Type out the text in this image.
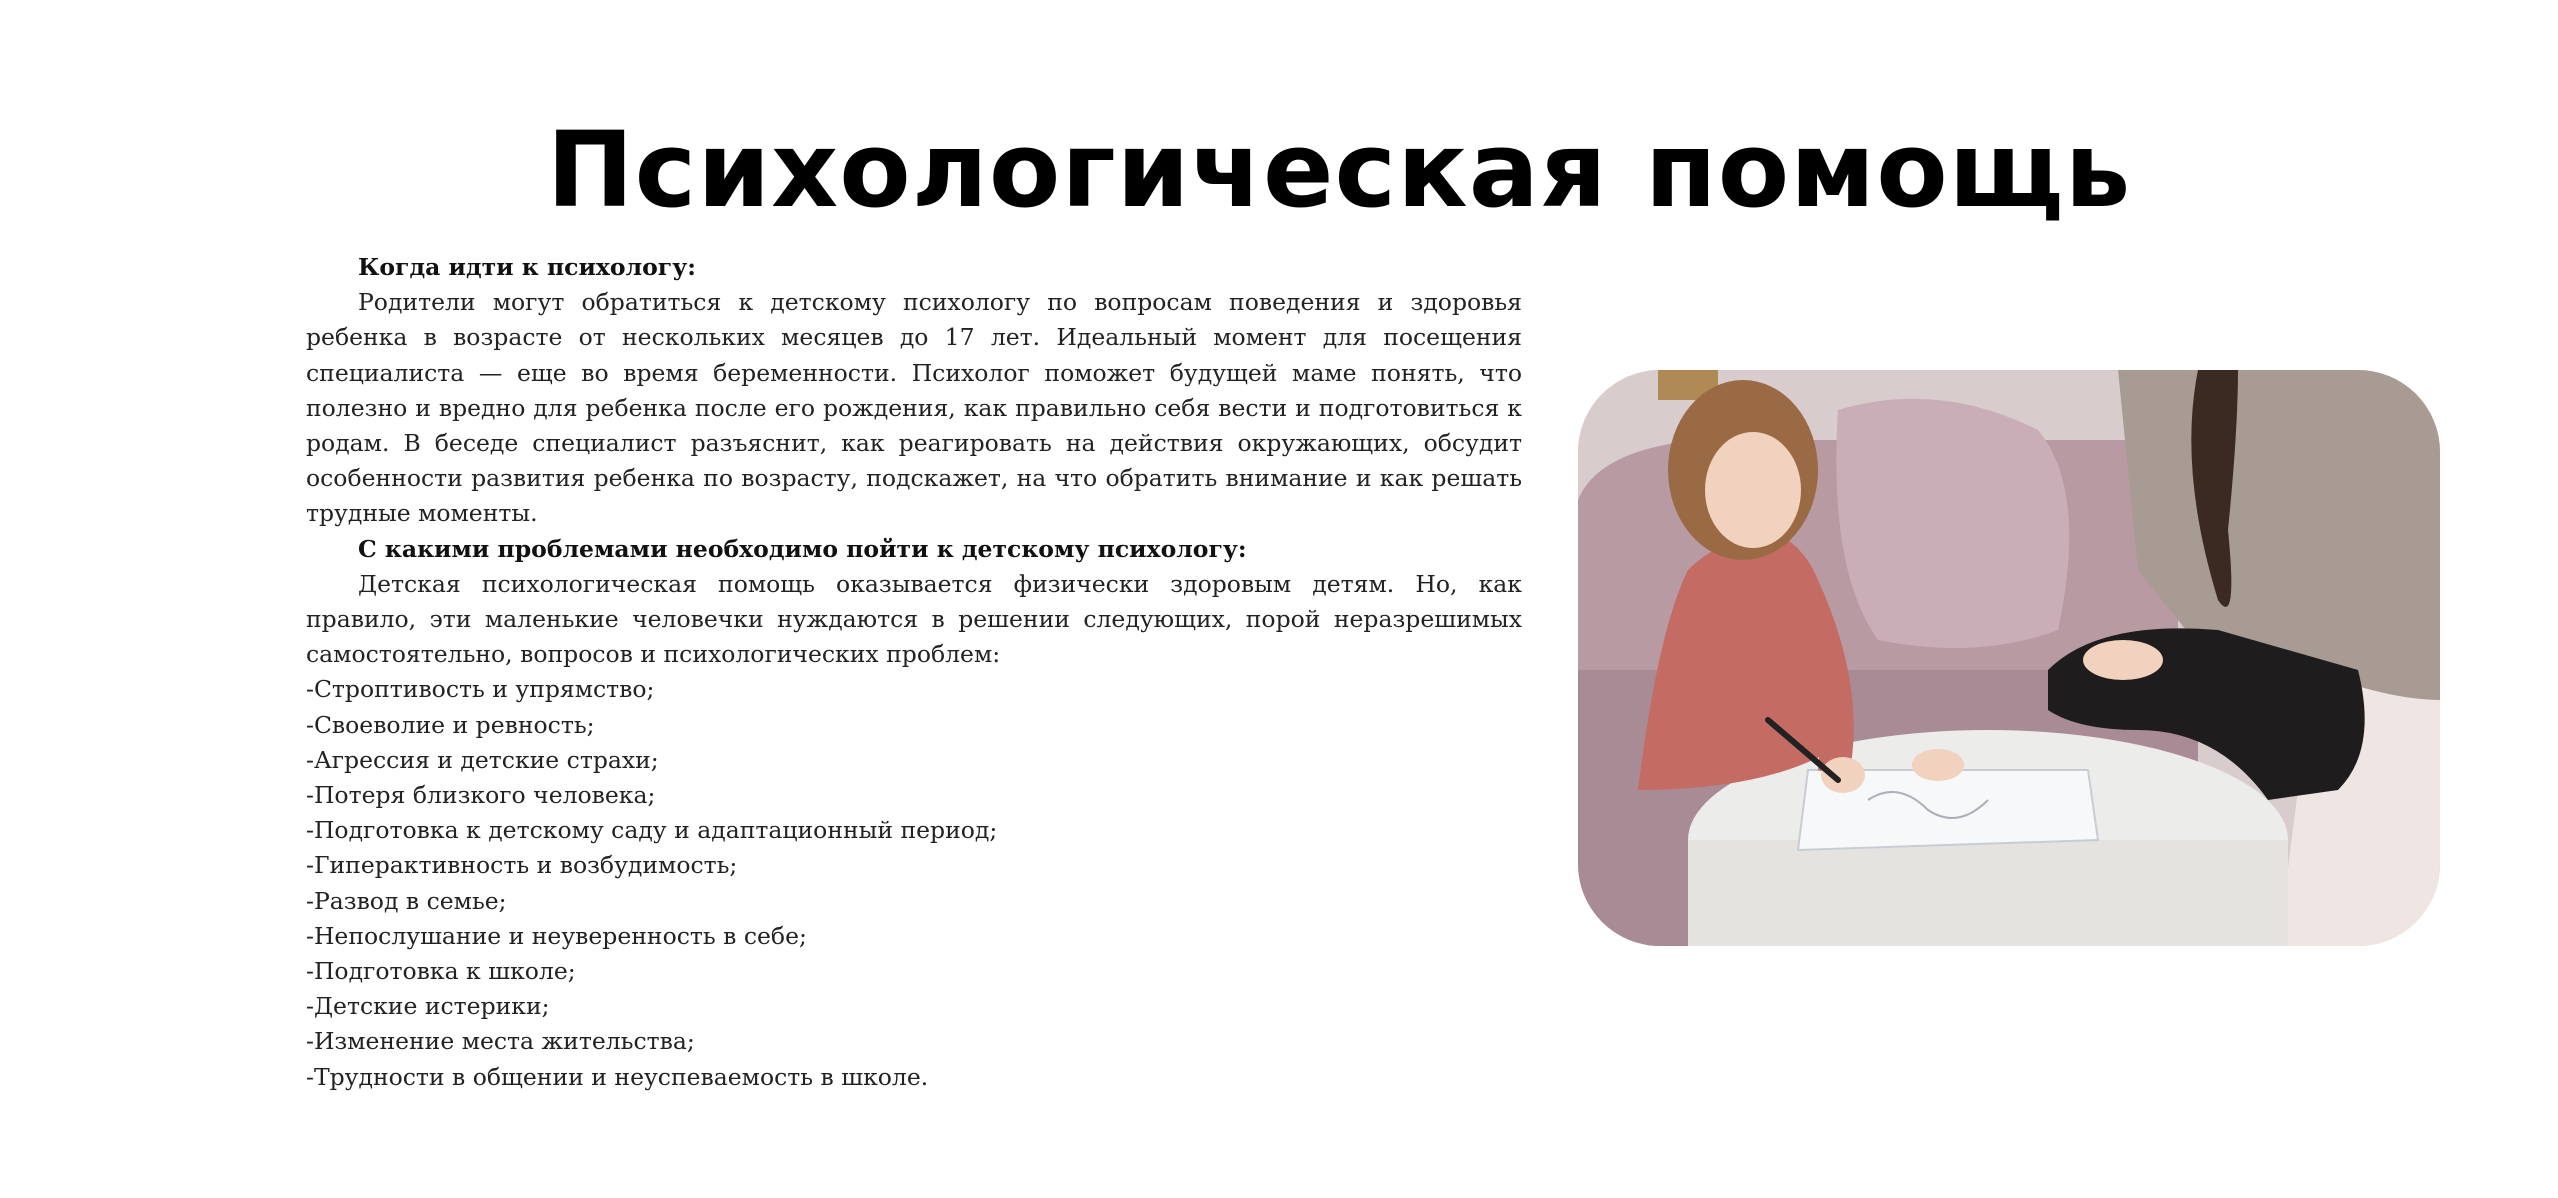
Психологическая помощь

Когда идти к психологу:

Родители могут обратиться к детскому психологу по вопросам поведения и здоровья ребенка в возрасте от нескольких месяцев до 17 лет. Идеальный момент для посещения специалиста — еще во время беременности. Психолог поможет будущей маме понять, что полезно и вредно для ребенка после его рождения, как правильно себя вести и подготовиться к родам. В беседе специалист разъяснит, как реагировать на действия окружающих, обсудит особенности развития ребенка по возрасту, подскажет, на что обратить внимание и как решать трудные моменты.

С какими проблемами необходимо пойти к детскому психологу:

Детская психологическая помощь оказывается физически здоровым детям. Но, как правило, эти маленькие человечки нуждаются в решении следующих, порой неразрешимых самостоятельно, вопросов и психологических проблем:

-Строптивость и упрямство;
-Своеволие и ревность;
-Агрессия и детские страхи;
-Потеря близкого человека;
-Подготовка к детскому саду и адаптационный период;
-Гиперактивность и возбудимость;
-Развод в семье;
-Непослушание и неуверенность в себе;
-Подготовка к школе;
-Детские истерики;
-Изменение места жительства;
-Трудности в общении и неуспеваемость в школе.
